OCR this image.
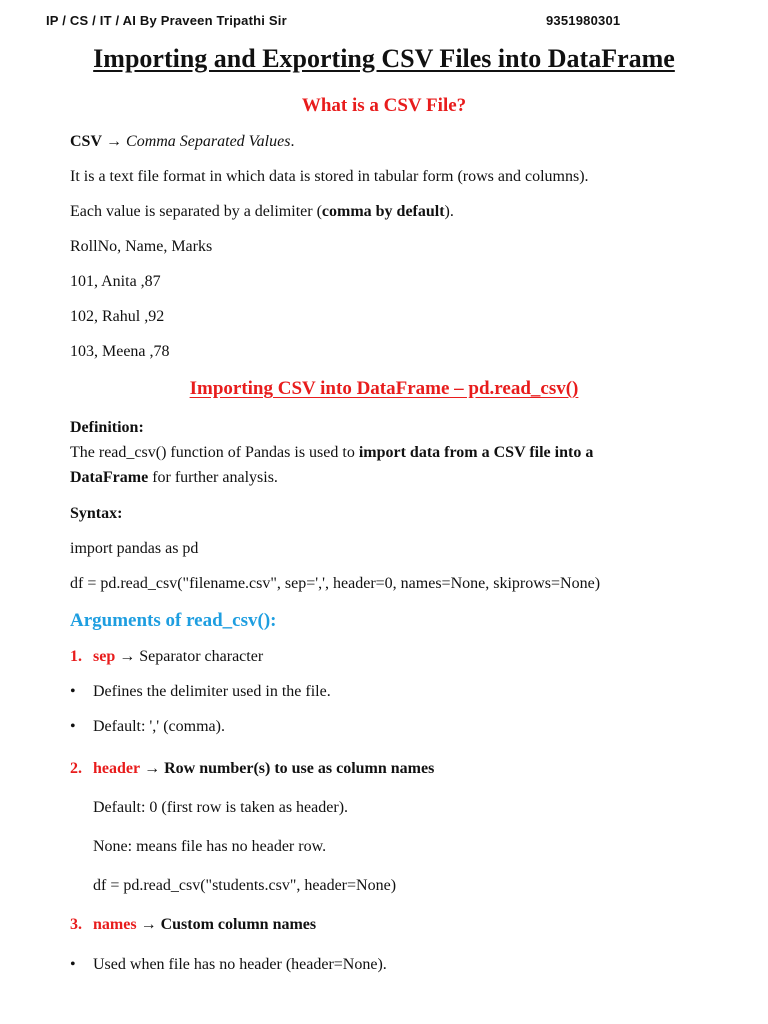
IP / CS / IT / AI By Praveen Tripathi Sir	9351980301
Importing and Exporting CSV Files into DataFrame
What is a CSV File?
CSV → Comma Separated Values.
It is a text file format in which data is stored in tabular form (rows and columns).
Each value is separated by a delimiter (comma by default).
RollNo, Name, Marks
101, Anita ,87
102, Rahul ,92
103, Meena ,78
Importing CSV into DataFrame – pd.read_csv()
Definition:
The read_csv() function of Pandas is used to import data from a CSV file into a
DataFrame for further analysis.
Syntax:
import pandas as pd
df = pd.read_csv("filename.csv", sep=',', header=0, names=None, skiprows=None)
Arguments of read_csv():
1. sep → Separator character
• Defines the delimiter used in the file.
• Default: ',' (comma).
2. header → Row number(s) to use as column names
Default: 0 (first row is taken as header).
None: means file has no header row.
df = pd.read_csv("students.csv", header=None)
3. names → Custom column names
• Used when file has no header (header=None).
